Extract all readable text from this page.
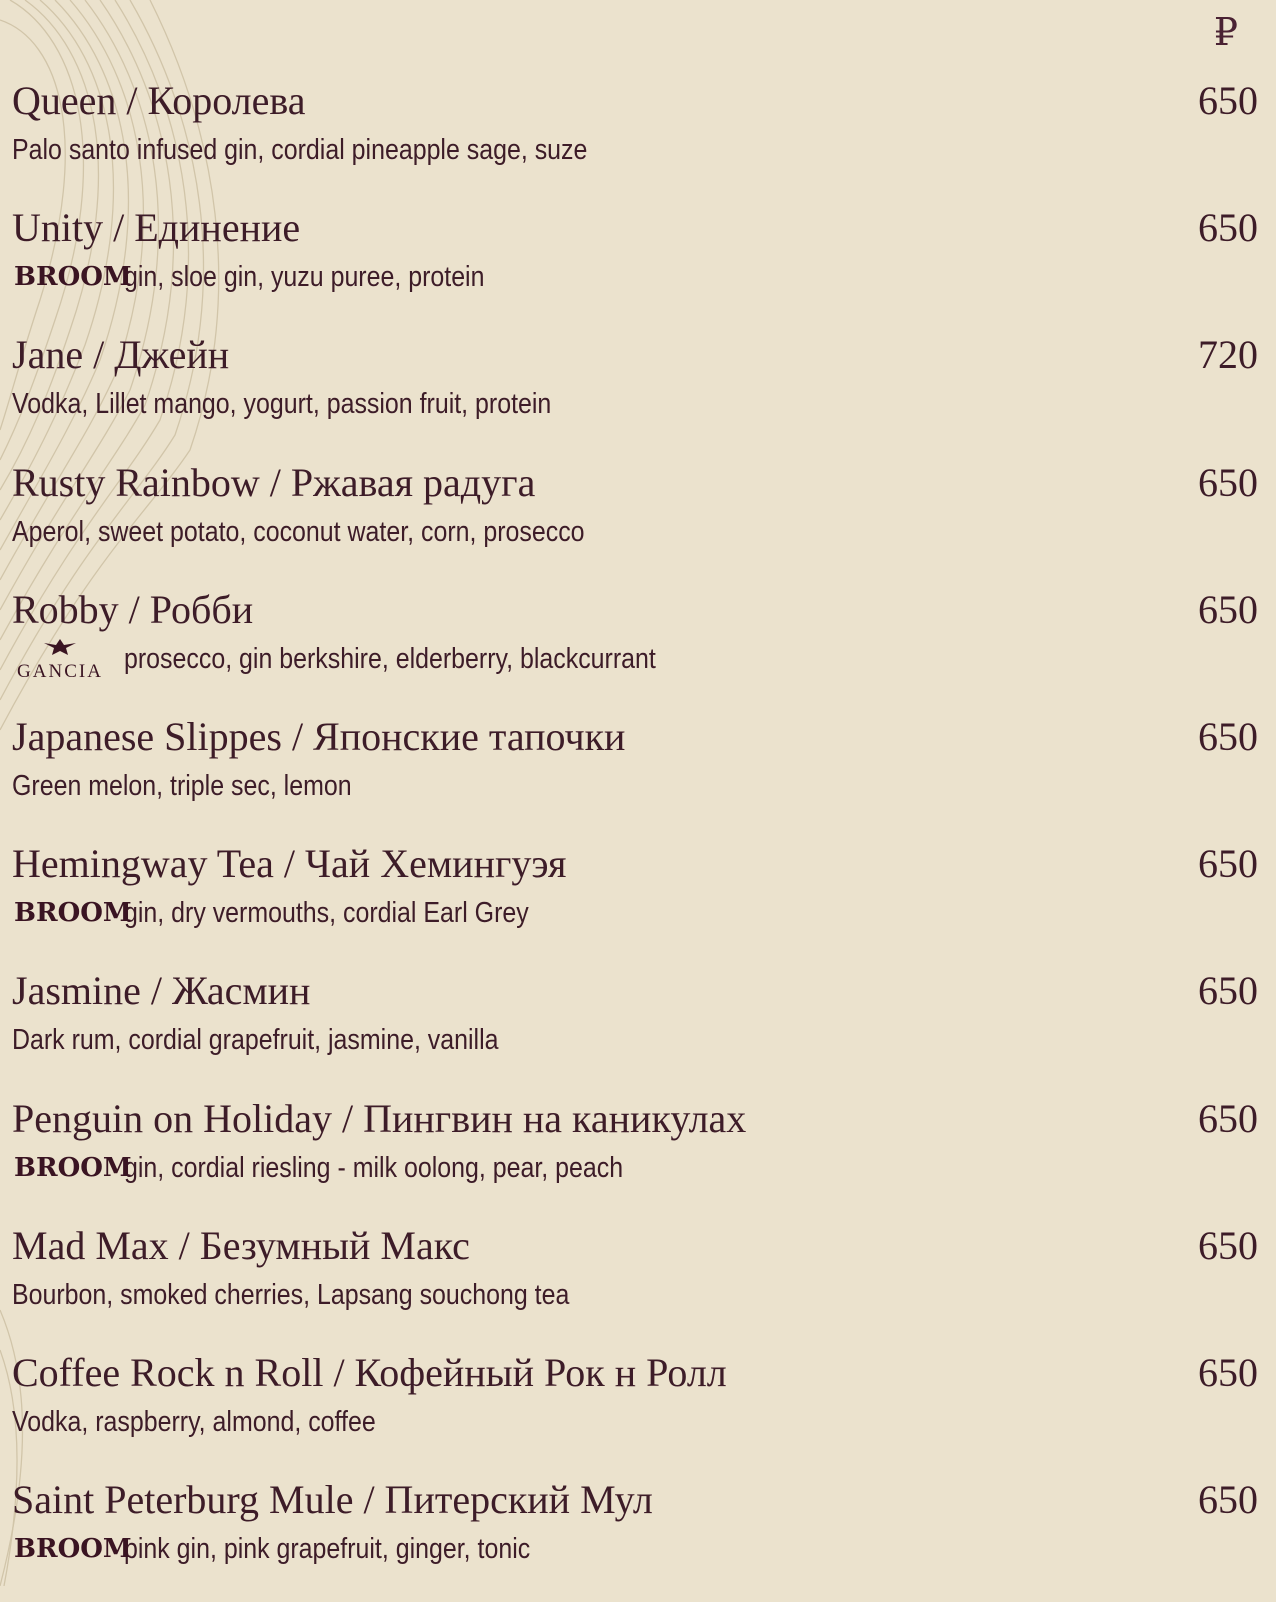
₽
Queen / Королева	650
Palo santo infused gin, cordial pineapple sage, suze
Unity / Единение	650
gin, sloe gin, yuzu puree, protein
BROOM
Jane / Джейн	720
Vodka, Lillet mango, yogurt, passion fruit, protein
Rusty Rainbow / Ржавая радуга	650
Aperol, sweet potato, coconut water, corn, prosecco
Robby / Робби	650
prosecco, gin berkshire, elderberry, blackcurrant
GANCIA
Japanese Slippes / Японские тапочки	650
Green melon, triple sec, lemon
Hemingway Tea / Чай Хемингуэя	650
gin, dry vermouths, cordial Earl Grey
BROOM
Jasmine / Жасмин	650
Dark rum, cordial grapefruit, jasmine, vanilla
Penguin on Holiday / Пингвин на каникулах	650
gin, cordial riesling - milk oolong, pear, peach
BROOM
Mad Max / Безумный Макс	650
Bourbon, smoked cherries, Lapsang souchong tea
Coffee Rock n Roll / Кофейный Рок н Ролл	650
Vodka, raspberry, almond, coffee
Saint Peterburg Mule / Питерский Мул	650
pink gin, pink grapefruit, ginger, tonic
BROOM
